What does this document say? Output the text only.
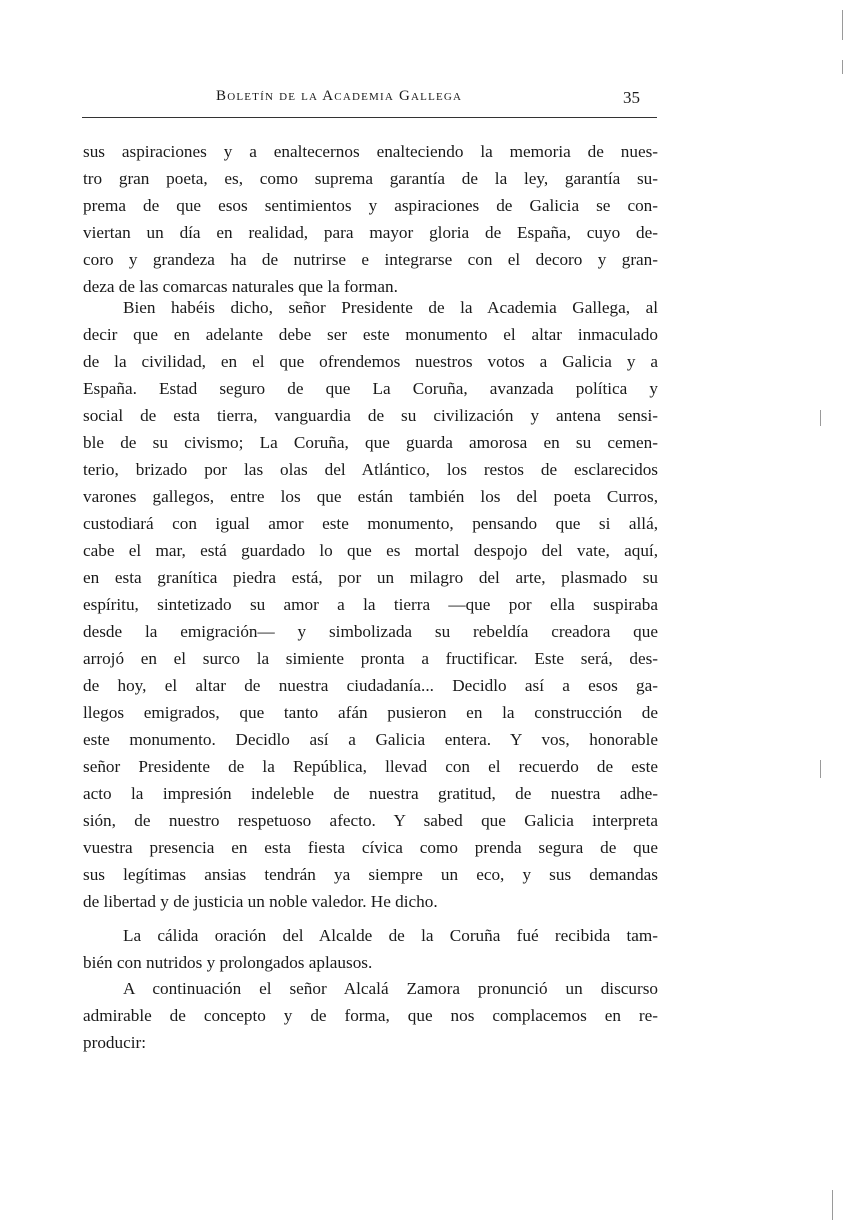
Boletín de la Academia Gallega	35
sus aspiraciones y a enaltecernos enalteciendo la memoria de nues-
tro gran poeta, es, como suprema garantía de la ley, garantía su-
prema de que esos sentimientos y aspiraciones de Galicia se con-
viertan un día en realidad, para mayor gloria de España, cuyo de-
coro y grandeza ha de nutrirse e integrarse con el decoro y gran-
deza de las comarcas naturales que la forman.
Bien habéis dicho, señor Presidente de la Academia Gallega, al
decir que en adelante debe ser este monumento el altar inmaculado
de la civilidad, en el que ofrendemos nuestros votos a Galicia y a
España. Estad seguro de que La Coruña, avanzada política y
social de esta tierra, vanguardia de su civilización y antena sensi-
ble de su civismo; La Coruña, que guarda amorosa en su cemen-
terio, brizado por las olas del Atlántico, los restos de esclarecidos
varones gallegos, entre los que están también los del poeta Curros,
custodiará con igual amor este monumento, pensando que si allá,
cabe el mar, está guardado lo que es mortal despojo del vate, aquí,
en esta granítica piedra está, por un milagro del arte, plasmado su
espíritu, sintetizado su amor a la tierra —que por ella suspiraba
desde la emigración— y simbolizada su rebeldía creadora que
arrojó en el surco la simiente pronta a fructificar. Este será, des-
de hoy, el altar de nuestra ciudadanía... Decidlo así a esos ga-
llegos emigrados, que tanto afán pusieron en la construcción de
este monumento. Decidlo así a Galicia entera. Y vos, honorable
señor Presidente de la República, llevad con el recuerdo de este
acto la impresión indeleble de nuestra gratitud, de nuestra adhe-
sión, de nuestro respetuoso afecto. Y sabed que Galicia interpreta
vuestra presencia en esta fiesta cívica como prenda segura de que
sus legítimas ansias tendrán ya siempre un eco, y sus demandas
de libertad y de justicia un noble valedor. He dicho.
La cálida oración del Alcalde de la Coruña fué recibida tam-
bién con nutridos y prolongados aplausos.
A continuación el señor Alcalá Zamora pronunció un discurso
admirable de concepto y de forma, que nos complacemos en re-
producir:
